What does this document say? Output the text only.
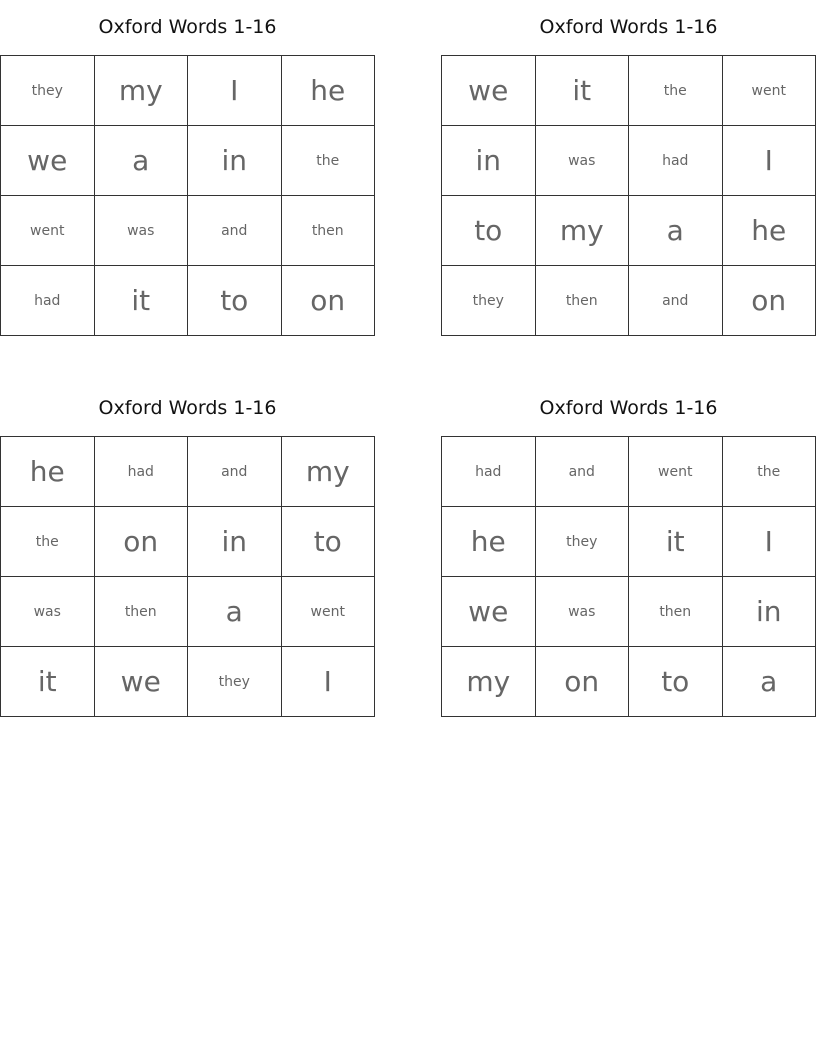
Oxford Words 1-16
they	my	I	he
we	a	in	the
went	was	and	then
had	it	to	on
Oxford Words 1-16
we	it	the	went
in	was	had	I
to	my	a	he
they	then	and	on
Oxford Words 1-16
he	had	and	my
the	on	in	to
was	then	a	went
it	we	they	I
Oxford Words 1-16
had	and	went	the
he	they	it	I
we	was	then	in
my	on	to	a
